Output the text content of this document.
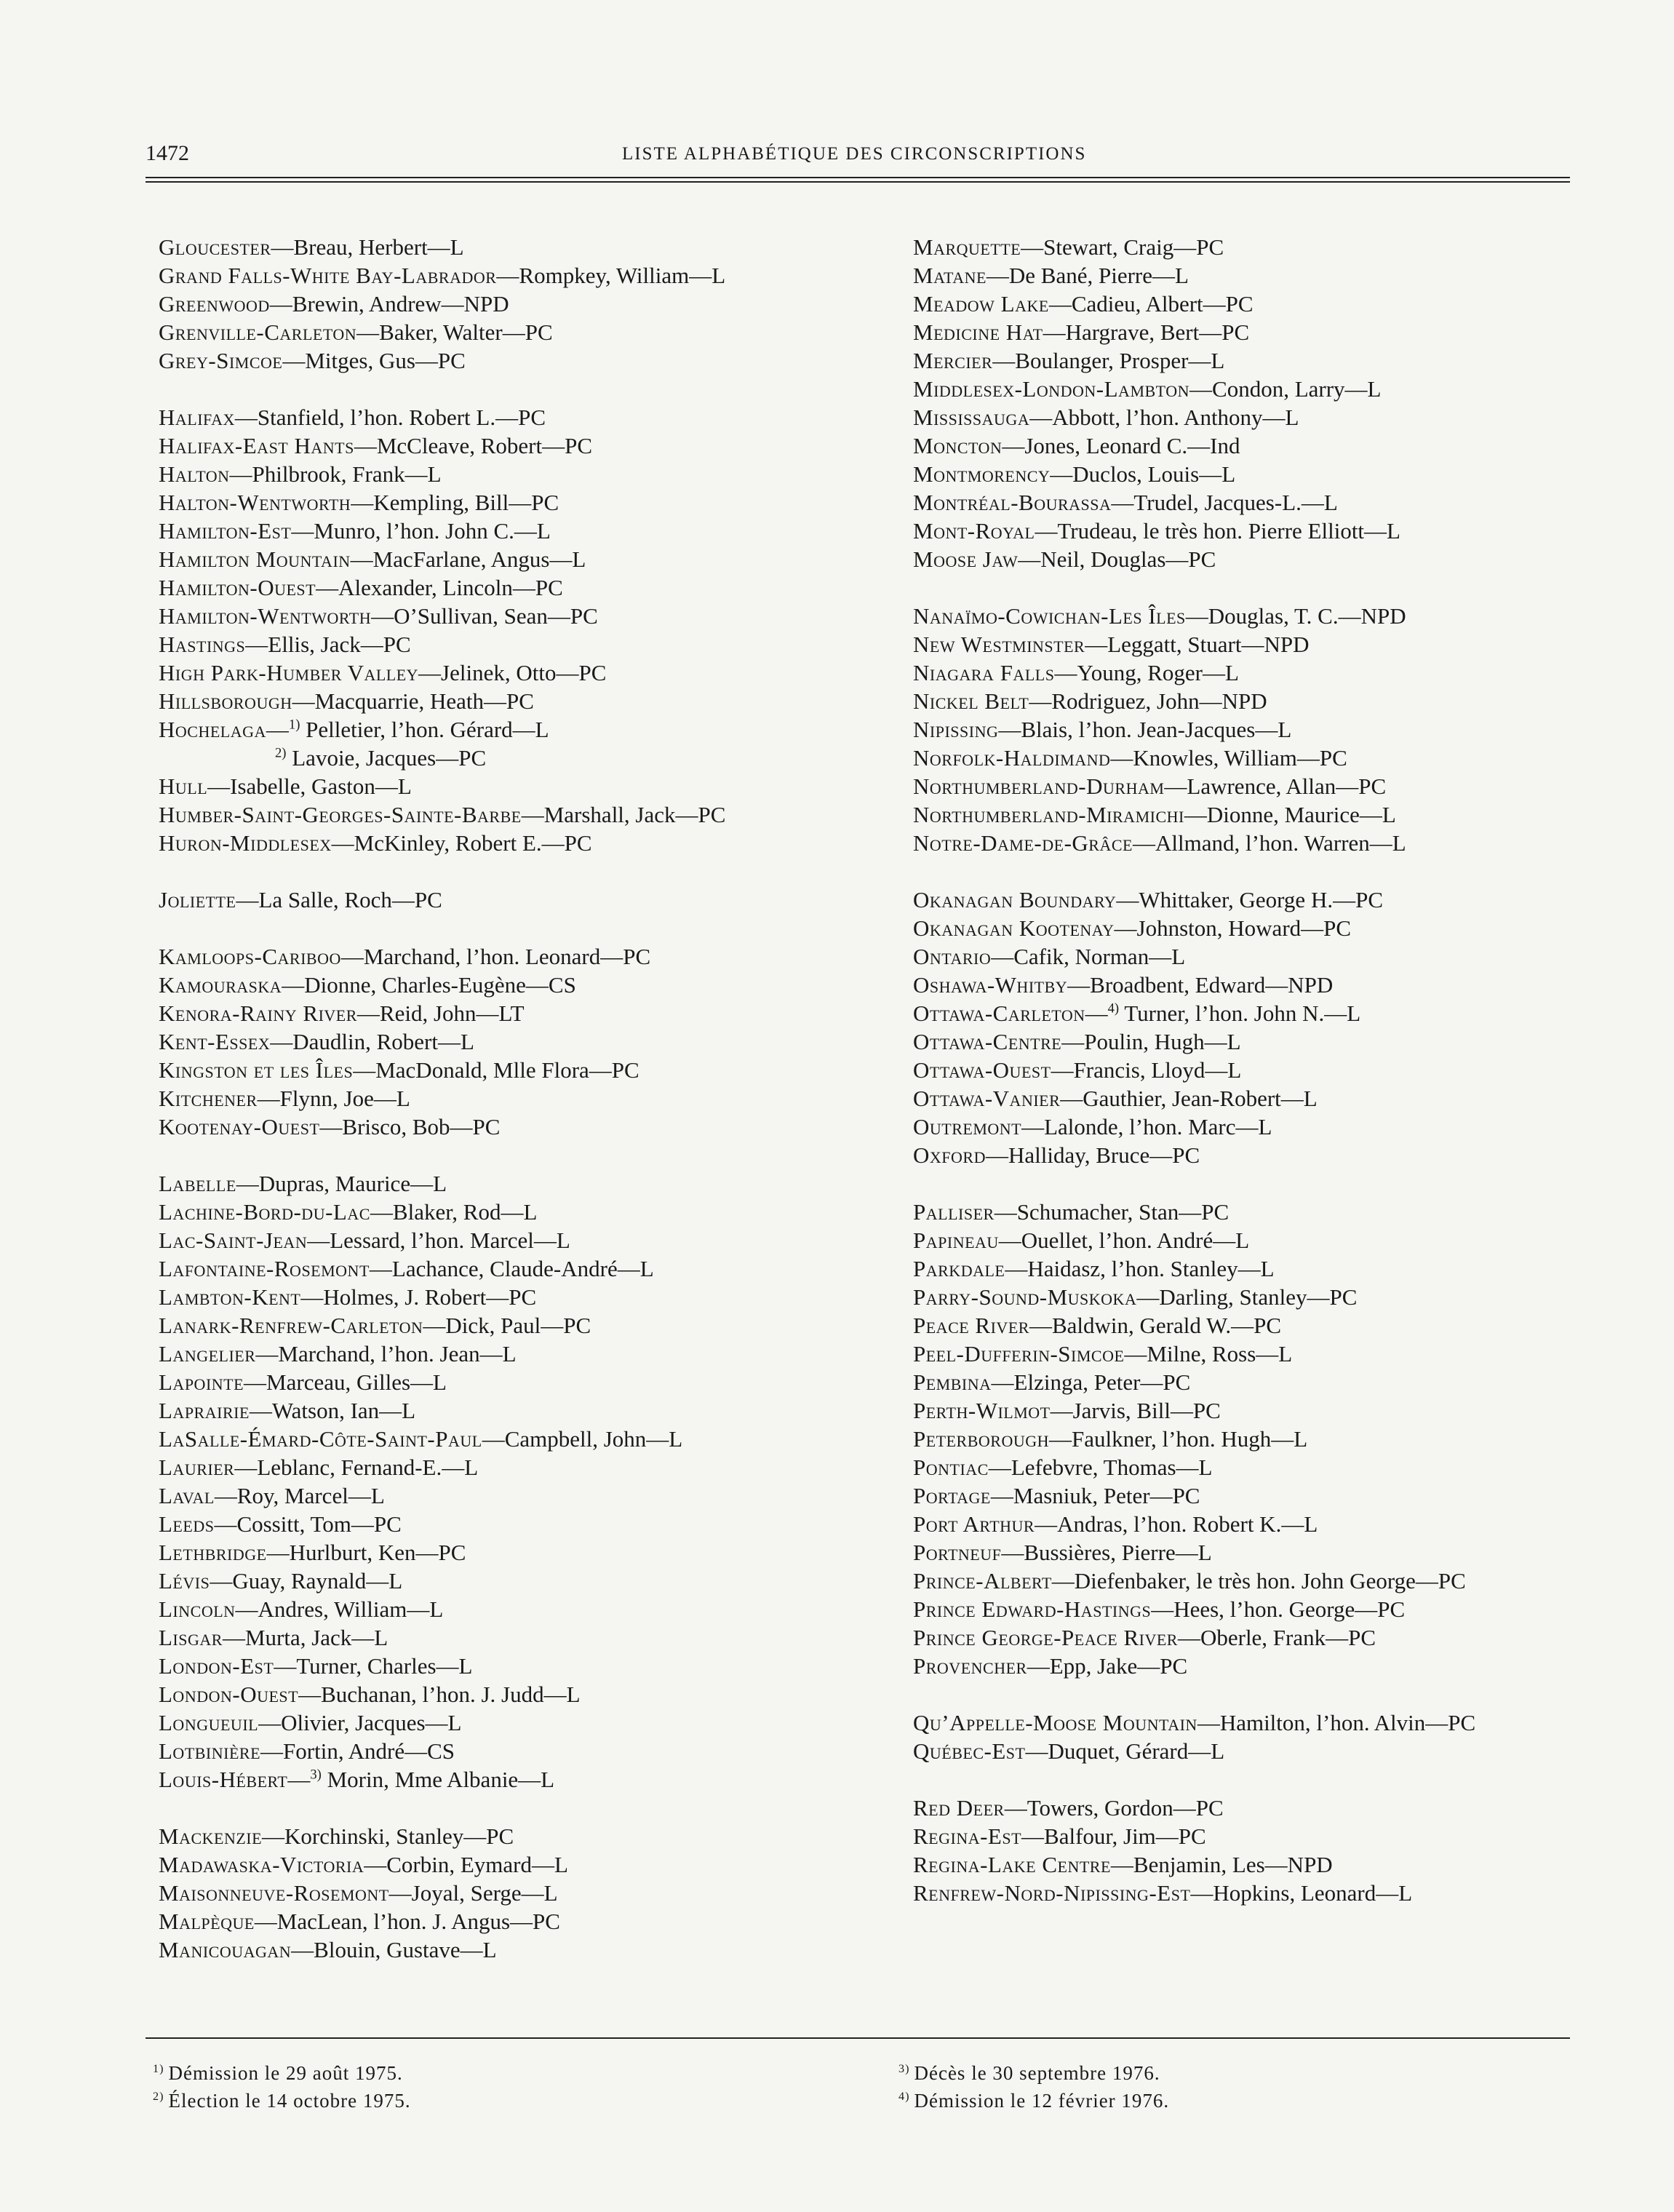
1472	LISTE ALPHABÉTIQUE DES CIRCONSCRIPTIONS
Gloucester—Breau, Herbert—L
Grand Falls-White Bay-Labrador—Rompkey, William—L
Greenwood—Brewin, Andrew—NPD
Grenville-Carleton—Baker, Walter—PC
Grey-Simcoe—Mitges, Gus—PC
Halifax—Stanfield, l’hon. Robert L.—PC
Halifax-East Hants—McCleave, Robert—PC
Halton—Philbrook, Frank—L
Halton-Wentworth—Kempling, Bill—PC
Hamilton-Est—Munro, l’hon. John C.—L
Hamilton Mountain—MacFarlane, Angus—L
Hamilton-Ouest—Alexander, Lincoln—PC
Hamilton-Wentworth—O’Sullivan, Sean—PC
Hastings—Ellis, Jack—PC
High Park-Humber Valley—Jelinek, Otto—PC
Hillsborough—Macquarrie, Heath—PC
Hochelaga—$^{1)}$ Pelletier, l’hon. Gérard—L
$^{2)}$ Lavoie, Jacques—PC
Hull—Isabelle, Gaston—L
Humber-Saint-Georges-Sainte-Barbe—Marshall, Jack—PC
Huron-Middlesex—McKinley, Robert E.—PC
Joliette—La Salle, Roch—PC
Kamloops-Cariboo—Marchand, l’hon. Leonard—PC
Kamouraska—Dionne, Charles-Eugène—CS
Kenora-Rainy River—Reid, John—LT
Kent-Essex—Daudlin, Robert—L
Kingston et les Îles—MacDonald, Mlle Flora—PC
Kitchener—Flynn, Joe—L
Kootenay-Ouest—Brisco, Bob—PC
Labelle—Dupras, Maurice—L
Lachine-Bord-du-Lac—Blaker, Rod—L
Lac-Saint-Jean—Lessard, l’hon. Marcel—L
Lafontaine-Rosemont—Lachance, Claude-André—L
Lambton-Kent—Holmes, J. Robert—PC
Lanark-Renfrew-Carleton—Dick, Paul—PC
Langelier—Marchand, l’hon. Jean—L
Lapointe—Marceau, Gilles—L
Laprairie—Watson, Ian—L
LaSalle-Émard-Côte-Saint-Paul—Campbell, John—L
Laurier—Leblanc, Fernand-E.—L
Laval—Roy, Marcel—L
Leeds—Cossitt, Tom—PC
Lethbridge—Hurlburt, Ken—PC
Lévis—Guay, Raynald—L
Lincoln—Andres, William—L
Lisgar—Murta, Jack—L
London-Est—Turner, Charles—L
London-Ouest—Buchanan, l’hon. J. Judd—L
Longueuil—Olivier, Jacques—L
Lotbinière—Fortin, André—CS
Louis-Hébert—$^{3)}$ Morin, Mme Albanie—L
Mackenzie—Korchinski, Stanley—PC
Madawaska-Victoria—Corbin, Eymard—L
Maisonneuve-Rosemont—Joyal, Serge—L
Malpèque—MacLean, l’hon. J. Angus—PC
Manicouagan—Blouin, Gustave—L
Marquette—Stewart, Craig—PC
Matane—De Bané, Pierre—L
Meadow Lake—Cadieu, Albert—PC
Medicine Hat—Hargrave, Bert—PC
Mercier—Boulanger, Prosper—L
Middlesex-London-Lambton—Condon, Larry—L
Mississauga—Abbott, l’hon. Anthony—L
Moncton—Jones, Leonard C.—Ind
Montmorency—Duclos, Louis—L
Montréal-Bourassa—Trudel, Jacques-L.—L
Mont-Royal—Trudeau, le très hon. Pierre Elliott—L
Moose Jaw—Neil, Douglas—PC
Nanaïmo-Cowichan-Les Îles—Douglas, T. C.—NPD
New Westminster—Leggatt, Stuart—NPD
Niagara Falls—Young, Roger—L
Nickel Belt—Rodriguez, John—NPD
Nipissing—Blais, l’hon. Jean-Jacques—L
Norfolk-Haldimand—Knowles, William—PC
Northumberland-Durham—Lawrence, Allan—PC
Northumberland-Miramichi—Dionne, Maurice—L
Notre-Dame-de-Grâce—Allmand, l’hon. Warren—L
Okanagan Boundary—Whittaker, George H.—PC
Okanagan Kootenay—Johnston, Howard—PC
Ontario—Cafik, Norman—L
Oshawa-Whitby—Broadbent, Edward—NPD
Ottawa-Carleton—$^{4)}$ Turner, l’hon. John N.—L
Ottawa-Centre—Poulin, Hugh—L
Ottawa-Ouest—Francis, Lloyd—L
Ottawa-Vanier—Gauthier, Jean-Robert—L
Outremont—Lalonde, l’hon. Marc—L
Oxford—Halliday, Bruce—PC
Palliser—Schumacher, Stan—PC
Papineau—Ouellet, l’hon. André—L
Parkdale—Haidasz, l’hon. Stanley—L
Parry-Sound-Muskoka—Darling, Stanley—PC
Peace River—Baldwin, Gerald W.—PC
Peel-Dufferin-Simcoe—Milne, Ross—L
Pembina—Elzinga, Peter—PC
Perth-Wilmot—Jarvis, Bill—PC
Peterborough—Faulkner, l’hon. Hugh—L
Pontiac—Lefebvre, Thomas—L
Portage—Masniuk, Peter—PC
Port Arthur—Andras, l’hon. Robert K.—L
Portneuf—Bussières, Pierre—L
Prince-Albert—Diefenbaker, le très hon. John George—PC
Prince Edward-Hastings—Hees, l’hon. George—PC
Prince George-Peace River—Oberle, Frank—PC
Provencher—Epp, Jake—PC
Qu’Appelle-Moose Mountain—Hamilton, l’hon. Alvin—PC
Québec-Est—Duquet, Gérard—L
Red Deer—Towers, Gordon—PC
Regina-Est—Balfour, Jim—PC
Regina-Lake Centre—Benjamin, Les—NPD
Renfrew-Nord-Nipissing-Est—Hopkins, Leonard—L
$^{1)}$ Démission le 29 août 1975.
$^{2)}$ Élection le 14 octobre 1975.
$^{3)}$ Décès le 30 septembre 1976.
$^{4)}$ Démission le 12 février 1976.
